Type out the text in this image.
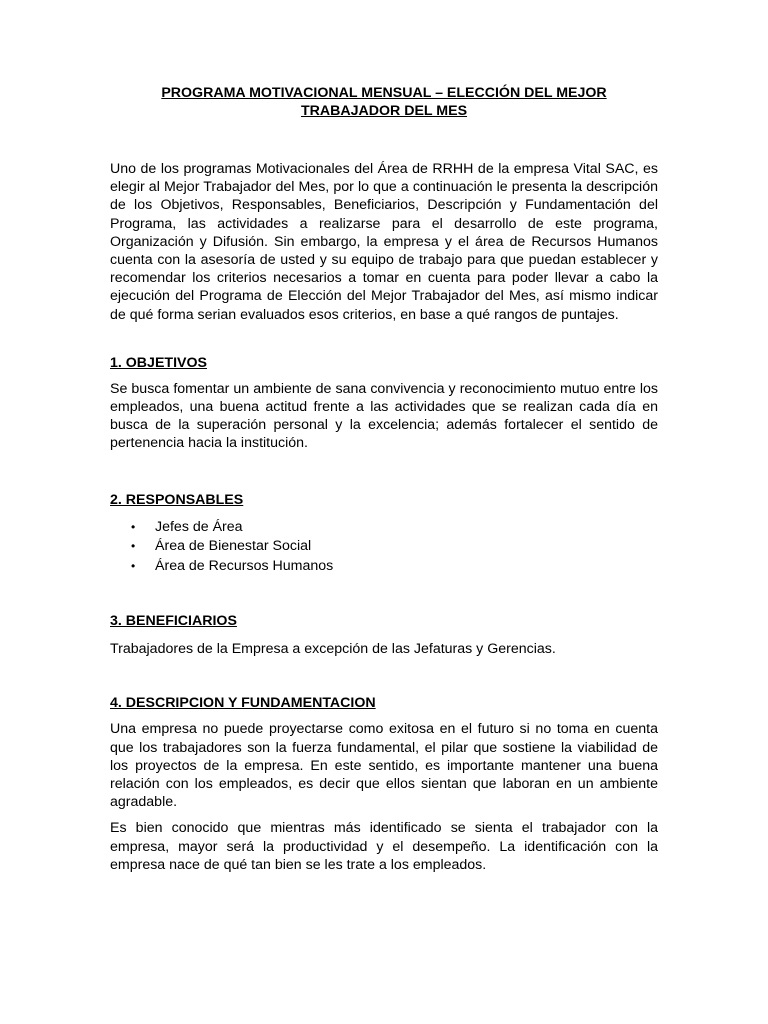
PROGRAMA MOTIVACIONAL MENSUAL – ELECCIÓN DEL MEJOR
TRABAJADOR DEL MES

Uno de los programas Motivacionales del Área de RRHH de la empresa Vital SAC, es elegir al Mejor Trabajador del Mes, por lo que a continuación le presenta la descripción de los Objetivos, Responsables, Beneficiarios, Descripción y Fundamentación del Programa, las actividades a realizarse para el desarrollo de este programa, Organización y Difusión. Sin embargo, la empresa y el área de Recursos Humanos cuenta con la asesoría de usted y su equipo de trabajo para que puedan establecer y recomendar los criterios necesarios a tomar en cuenta para poder llevar a cabo la ejecución del Programa de Elección del Mejor Trabajador del Mes, así mismo indicar de qué forma serian evaluados esos criterios, en base a qué rangos de puntajes.

1. OBJETIVOS

Se busca fomentar un ambiente de sana convivencia y reconocimiento mutuo entre los empleados, una buena actitud frente a las actividades que se realizan cada día en busca de la superación personal y la excelencia; además fortalecer el sentido de pertenencia hacia la institución.

2. RESPONSABLES
• Jefes de Área
• Área de Bienestar Social
• Área de Recursos Humanos
3. BENEFICIARIOS

Trabajadores de la Empresa a excepción de las Jefaturas y Gerencias.

4. DESCRIPCION Y FUNDAMENTACION

Una empresa no puede proyectarse como exitosa en el futuro si no toma en cuenta que los trabajadores son la fuerza fundamental, el pilar que sostiene la viabilidad de los proyectos de la empresa. En este sentido, es importante mantener una buena relación con los empleados, es decir que ellos sientan que laboran en un ambiente agradable.

Es bien conocido que mientras más identificado se sienta el trabajador con la empresa, mayor será la productividad y el desempeño. La identificación con la empresa nace de qué tan bien se les trate a los empleados.
